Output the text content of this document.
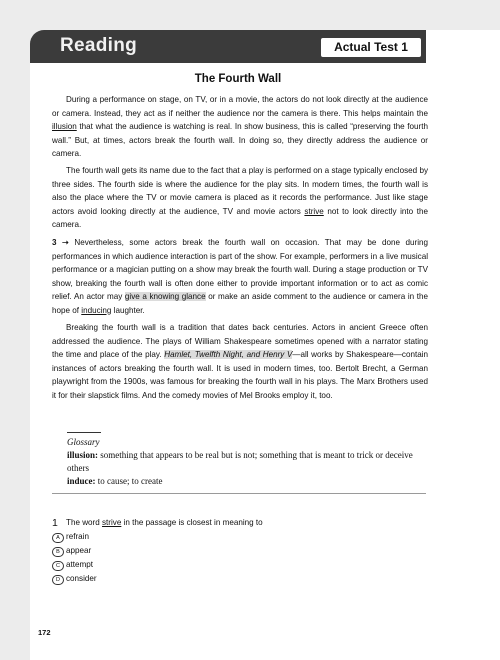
Reading	Actual Test 1
The Fourth Wall

During a performance on stage, on TV, or in a movie, the actors do not look directly at the audience or camera. Instead, they act as if neither the audience nor the camera is there. This helps maintain the illusion that what the audience is watching is real. In show business, this is called “preserving the fourth wall.” But, at times, actors break the fourth wall. In doing so, they directly address the audience or camera.

The fourth wall gets its name due to the fact that a play is performed on a stage typically enclosed by three sides. The fourth side is where the audience for the play sits. In modern times, the fourth wall is also the place where the TV or movie camera is placed as it records the performance. Just like stage actors avoid looking directly at the audience, TV and movie actors strive not to look directly into the camera.

3 ➝ Nevertheless, some actors break the fourth wall on occasion. That may be done during performances in which audience interaction is part of the show. For example, performers in a live musical performance or a magician putting on a show may break the fourth wall. During a stage production or TV show, breaking the fourth wall is often done either to provide important information or to act as comic relief. An actor may give a knowing glance or make an aside comment to the audience or camera in the hope of inducing laughter.

Breaking the fourth wall is a tradition that dates back centuries. Actors in ancient Greece often addressed the audience. The plays of William Shakespeare sometimes opened with a narrator stating the time and place of the play. Hamlet, Twelfth Night, and Henry V—all works by Shakespeare—contain instances of actors breaking the fourth wall. It is used in modern times, too. Bertolt Brecht, a German playwright from the 1900s, was famous for breaking the fourth wall in his plays. The Marx Brothers used it for their slapstick films. And the comedy movies of Mel Brooks employ it, too.

Glossary
illusion: something that appears to be real but is not; something that is meant to trick or deceive others
induce: to cause; to create
1 The word strive in the passage is closest in meaning to
A refrain
B appear
C attempt
D consider
172
